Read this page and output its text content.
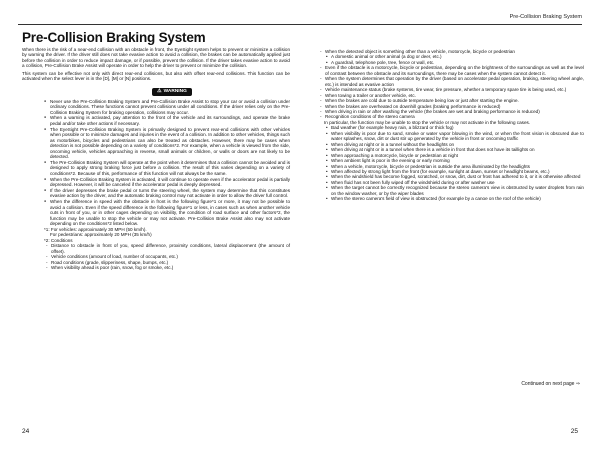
Pre-Collision Braking System
Pre-Collision Braking System

When there is the risk of a near-end collision with an obstacle in front, the EyeSight system helps to prevent or minimize a collision by warning the driver. If the driver still does not take evasive action to avoid a collision, the brakes can be automatically applied just before the collision in order to reduce impact damage, or if possible, prevent the collision. If the driver takes evasive action to avoid a collision, Pre-Collision Brake Assist will operate in order to help the driver to prevent or minimize the collision.

This system can be effective not only with direct rear-end collisions, but also with offset rear-end collisions. This function can be activated when the select lever is in the [D], [M] or [N] positions.

⚠ WARNING
● Never use the Pre-Collision Braking System and Pre-Collision Brake Assist to stop your car or avoid a collision under ordinary conditions. These functions cannot prevent collisions under all conditions. If the driver relies only on the Pre-Collision Braking System for braking operation, collisions may occur.
● When a warning is activated, pay attention to the front of the vehicle and its surroundings, and operate the brake pedal and/or take other actions if necessary.
● The EyeSight Pre-Collision Braking System is primarily designed to prevent rear-end collisions with other vehicles when possible or to minimize damages and injuries in the event of a collision. In addition to other vehicles, things such as motorbikes, bicycles and pedestrians can also be treated as obstacles. However, there may be cases when detection is not possible depending on a variety of conditions*2. For example, when a vehicle is viewed from the side, oncoming vehicle, vehicles approaching in reverse, small animals or children, or walls or doors are not likely to be detected.
● The Pre-Collision Braking System will operate at the point when it determines that a collision cannot be avoided and is designed to apply strong braking force just before a collision. The result of this varies depending on a variety of conditions*2. Because of this, performance of this function will not always be the same.
● When the Pre-Collision Braking System is activated, it will continue to operate even if the accelerator pedal is partially depressed. However, it will be canceled if the accelerator pedal is deeply depressed.
● If the driver depresses the brake pedal or turns the steering wheel, the system may determine that this constitutes evasive action by the driver, and the automatic braking control may not activate in order to allow the driver full control.
● When the difference in speed with the obstacle in front is the following figure*1 or more, it may not be possible to avoid a collision. Even if the speed difference is the following figure*1 or less, in cases such as when another vehicle cuts in front of you, or in other cages depending on visibility, the condition of road surface and other factors*2, the function may be unable to stop the vehicle or may not activate. Pre-Collision Brake Assist also may not activate depending on the conditions*2 listed below.
*1: For vehicles: approximately 30 MPH (50 km/h).
For pedestrians: approximately 20 MPH (35 km/h)
*2: Conditions
- Distance to obstacle in front of you, speed difference, proximity conditions, lateral displacement (the amount of offset).
- Vehicle conditions (amount of load, number of occupants, etc.)
- Road conditions (grade, slipperiness, shape, bumps, etc.)
- When visibility ahead is poor (rain, snow, fog or smoke, etc.)
- When the detected object is something other than a vehicle, motorcycle, bicycle or pedestrian
• A domestic animal or other animal (a dog or deer, etc.)
• A guardrail, telephone pole, tree, fence or wall, etc.
- Even if the obstacle is a motorcycle, bicycle or pedestrian, depending on the brightness of the surroundings as well as the level of contrast between the obstacle and its surroundings, there may be cases when the system cannot detect it.
- When the system determines that operation by the driver (based on accelerator pedal operation, braking, steering wheel angle, etc.) is intended as evasive action
- Vehicle maintenance status (brake systems, tire wear, tire pressure, whether a temporary spare tire is being used, etc.)
- When towing a trailer or another vehicle, etc.
- When the brakes are cold due to outside temperature being low or just after starting the engine.
- When the brakes are overheated on downhill grades (braking performance is reduced)
- When driving in rain or after washing the vehicle (the brakes are wet and braking performance is reduced)
- Recognition conditions of the stereo camera
In particular, the function may be unable to stop the vehicle or may not activate in the following cases.
• Bad weather (for example heavy rain, a blizzard or thick fog)
• When visibility is poor due to sand, smoke or water vapor blowing in the wind, or when the front vision is obscured due to water splashes, snow, dirt or dust stir up generated by the vehicle in front or oncoming traffic
• When driving at night or in a tunnel without the headlights on
• When driving at night or in a tunnel when there is a vehicle in front that does not have its taillights on
• When approaching a motorcycle, bicycle or pedestrian at night
• When ambient light is poor in the evening or early morning
• When a vehicle, motorcycle, bicycle or pedestrian is outside the area illuminated by the headlights
• When affected by strong light from the front (for example, sunlight at dawn, sunset or headlight beams, etc.)
• When the windshield has become fogged, scratched, or snow, dirt, dust or frost has adhered to it, or it is otherwise affected
• When fluid has not been fully wiped off the windshield during or after washer use
• When the target cannot be correctly recognized because the stereo camera's view is obstructed by water droplets from rain on the window washer, or by the wiper blades
• When the stereo camera's field of view is obstructed (for example by a canoe on the roof of the vehicle)
Continued on next page ⇒
24	25
